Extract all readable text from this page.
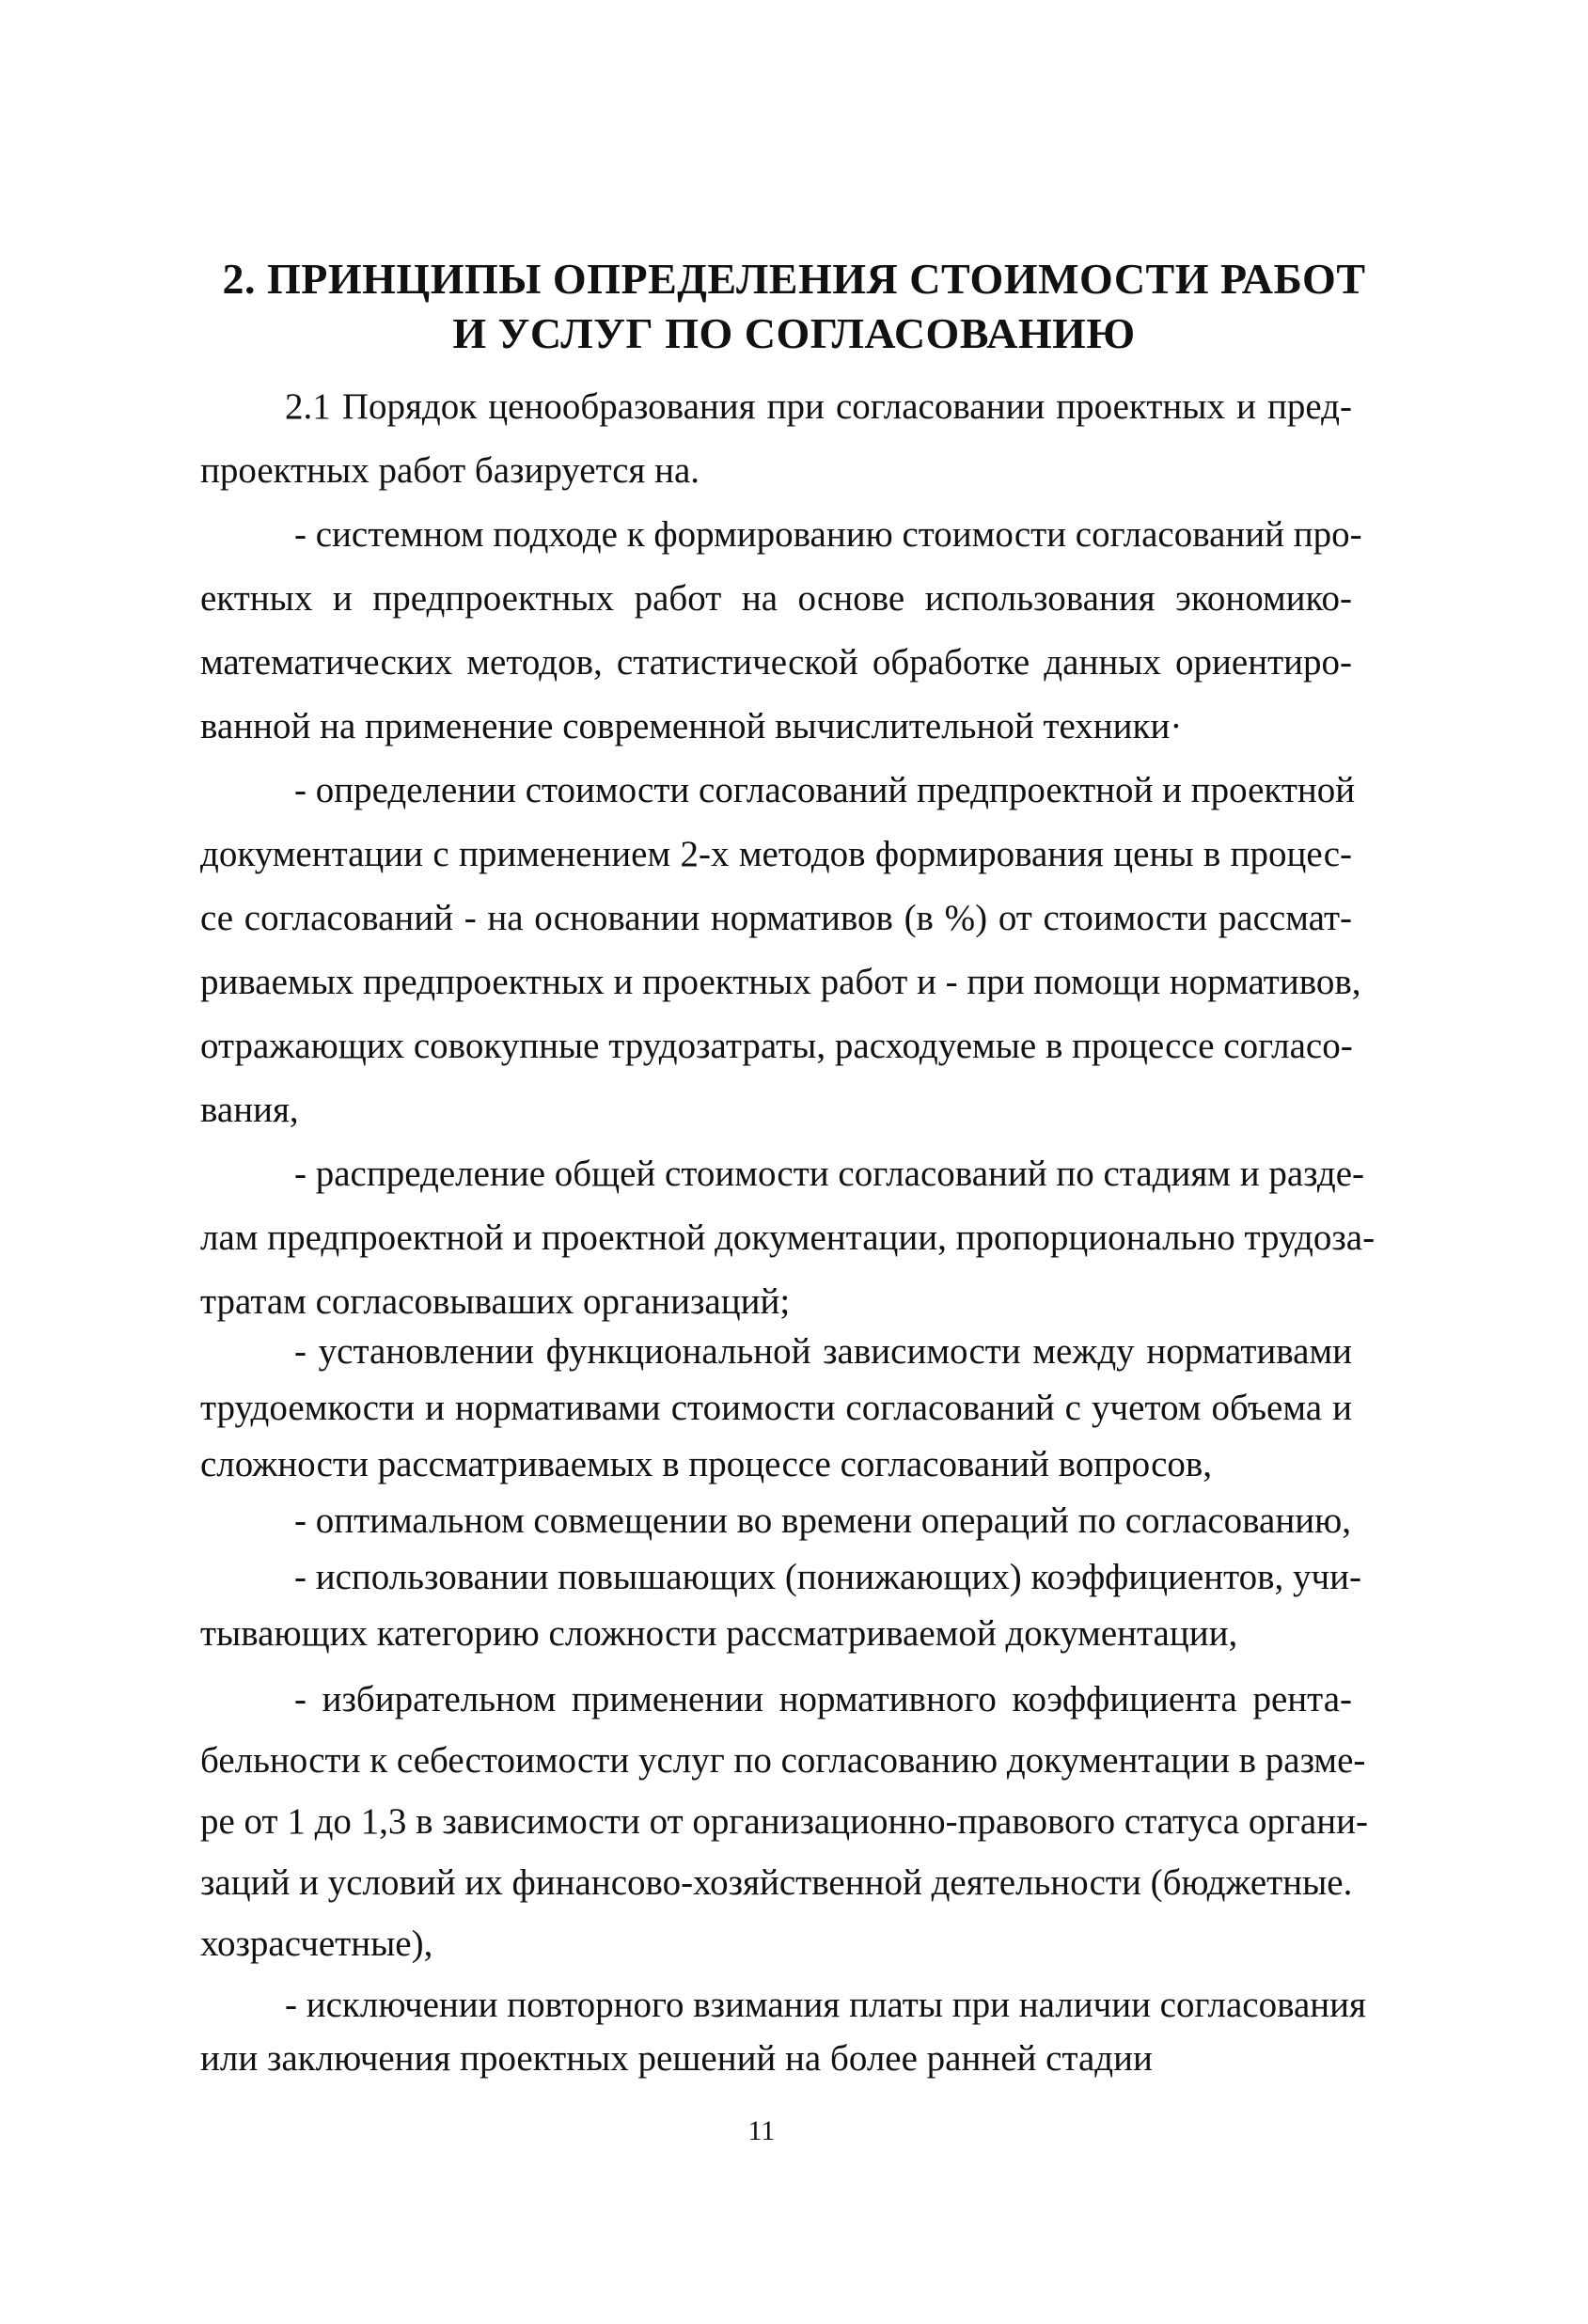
2. ПРИНЦИПЫ ОПРЕДЕЛЕНИЯ СТОИМОСТИ РАБОТ
И УСЛУГ ПО СОГЛАСОВАНИЮ
2.1 Порядок ценообразования при согласовании проектных и пред-
проектных работ базируется на.
- системном подходе к формированию стоимости согласований про-
ектных и предпроектных работ на основе использования экономико-
математических методов, статистической обработке данных ориентиро-
ванной на применение современной вычислительной техники·
- определении стоимости согласований предпроектной и проектной
документации с применением 2-х методов формирования цены в процес-
се согласований - на основании нормативов (в %) от стоимости рассмат-
риваемых предпроектных и проектных работ и - при помощи нормативов,
отражающих совокупные трудозатраты, расходуемые в процессе согласо-
вания,
- распределение общей стоимости согласований по стадиям и разде-
лам предпроектной и проектной документации, пропорционально трудоза-
тратам согласовываших организаций;
- установлении функциональной зависимости между нормативами
трудоемкости и нормативами стоимости согласований с учетом объема и
сложности рассматриваемых в процессе согласований вопросов,
- оптимальном совмещении во времени операций по согласованию,
- использовании повышающих (понижающих) коэффициентов, учи-
тывающих категорию сложности рассматриваемой документации,
- избирательном применении нормативного коэффициента рента-
бельности к себестоимости услуг по согласованию документации в разме-
ре от 1 до 1,3 в зависимости от организационно-правового статуса органи-
заций и условий их финансово-хозяйственной деятельности (бюджетные.
хозрасчетные),
- исключении повторного взимания платы при наличии согласования
или заключения проектных решений на более ранней стадии
11
